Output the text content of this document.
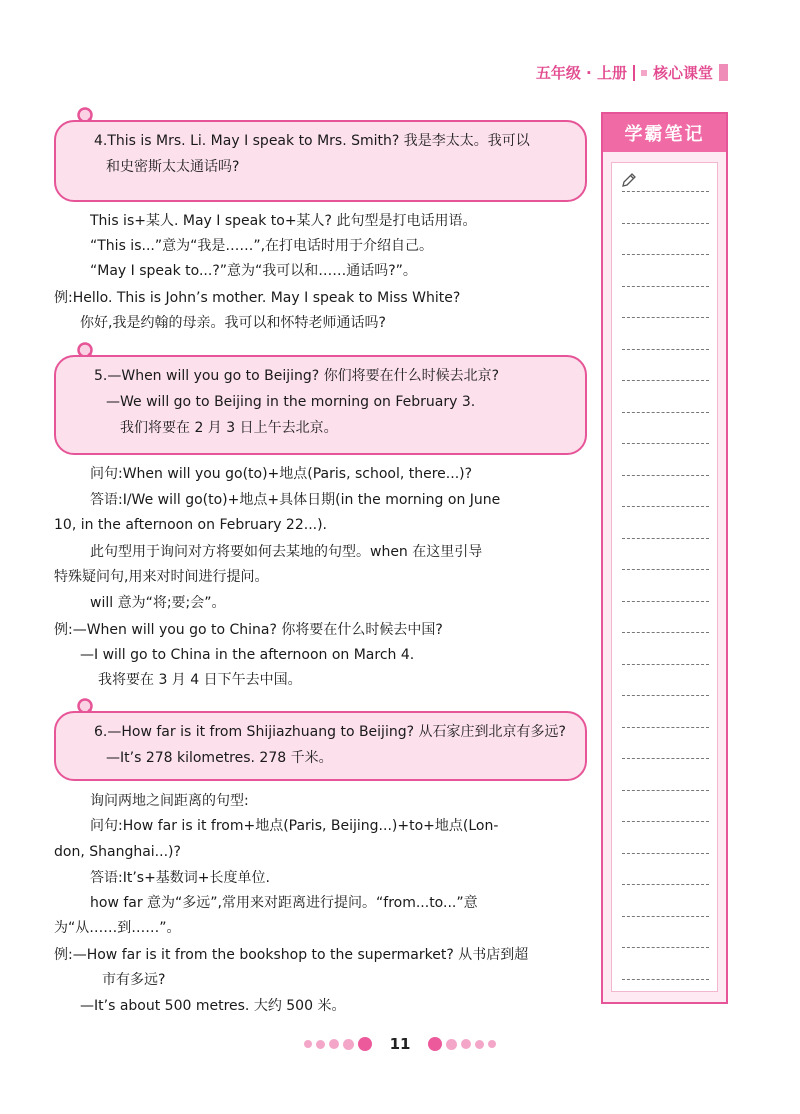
五年级 · 上册 核心课堂
4.This is Mrs. Li. May I speak to Mrs. Smith? 我是李太太。我可以
和史密斯太太通话吗?
This is+某人. May I speak to+某人? 此句型是打电话用语。
“This is...”意为“我是……”,在打电话时用于介绍自己。
“May I speak to...?”意为“我可以和……通话吗?”。
例:Hello. This is John’s mother. May I speak to Miss White?
你好,我是约翰的母亲。我可以和怀特老师通话吗?
5.—When will you go to Beijing? 你们将要在什么时候去北京?
—We will go to Beijing in the morning on February 3.
我们将要在 2 月 3 日上午去北京。
问句:When will you go(to)+地点(Paris, school, there...)?
答语:I/We will go(to)+地点+具体日期(in the morning on June
10, in the afternoon on February 22...).
此句型用于询问对方将要如何去某地的句型。when 在这里引导
特殊疑问句,用来对时间进行提问。
will 意为“将;要;会”。
例:—When will you go to China? 你将要在什么时候去中国?
—I will go to China in the afternoon on March 4.
我将要在 3 月 4 日下午去中国。
6.—How far is it from Shijiazhuang to Beijing? 从石家庄到北京有多远?
—It’s 278 kilometres. 278 千米。
询问两地之间距离的句型:
问句:How far is it from+地点(Paris, Beijing...)+to+地点(Lon-
don, Shanghai...)?
答语:It’s+基数词+长度单位.
how far 意为“多远”,常用来对距离进行提问。“from...to...”意
为“从……到……”。
例:—How far is it from the bookshop to the supermarket? 从书店到超
市有多远?
—It’s about 500 metres. 大约 500 米。
学霸笔记
11
